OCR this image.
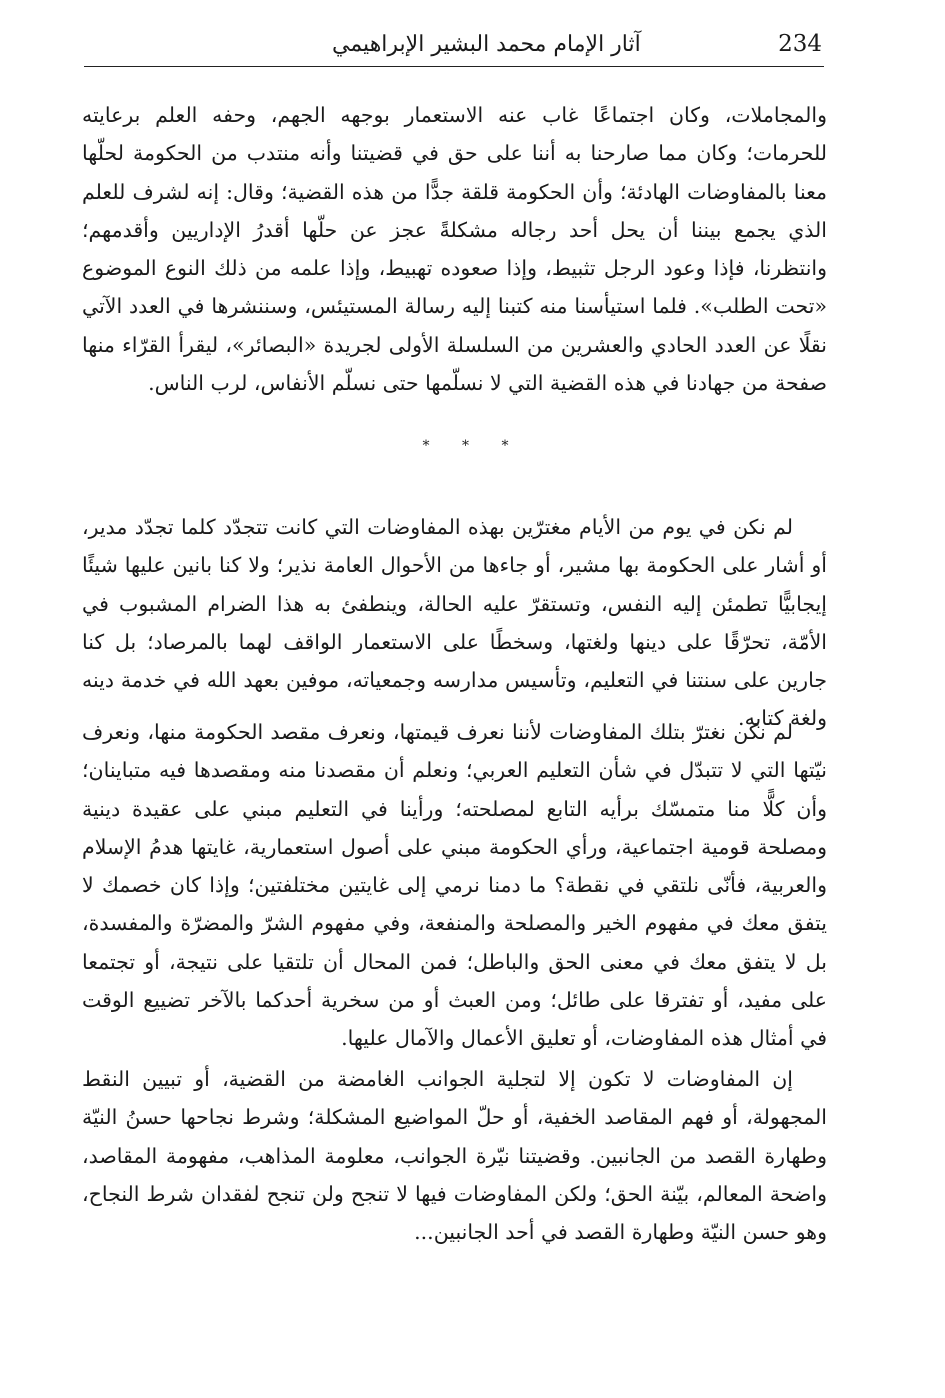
آثار الإمام محمد البشير الإبراهيمي	234

والمجاملات، وكان اجتماعًا غاب عنه الاستعمار بوجهه الجهم، وحفه العلم برعايته للحرمات؛ وكان مما صارحنا به أننا على حق في قضيتنا وأنه منتدب من الحكومة لحلّها معنا بالمفاوضات الهادئة؛ وأن الحكومة قلقة جدًّا من هذه القضية؛ وقال: إنه لشرف للعلم الذي يجمع بيننا أن يحل أحد رجاله مشكلةً عجز عن حلّها أقدرُ الإداريين وأقدمهم؛ وانتظرنا، فإذا وعود الرجل تثبيط، وإذا صعوده تهبيط، وإذا علمه من ذلك النوع الموضوع «تحت الطلب». فلما استيأسنا منه كتبنا إليه رسالة المستيئس، وسننشرها في العدد الآتي نقلًا عن العدد الحادي والعشرين من السلسلة الأولى لجريدة «البصائر»، ليقرأ القرّاء منها صفحة من جهادنا في هذه القضية التي لا نسلّمها حتى نسلّم الأنفاس، لرب الناس.

* * *

لم نكن في يوم من الأيام مغترّين بهذه المفاوضات التي كانت تتجدّد كلما تجدّد مدير، أو أشار على الحكومة بها مشير، أو جاءها من الأحوال العامة نذير؛ ولا كنا بانين عليها شيئًا إيجابيًّا تطمئن إليه النفس، وتستقرّ عليه الحالة، وينطفئ به هذا الضرام المشبوب في الأمّة، تحرّقًا على دينها ولغتها، وسخطًا على الاستعمار الواقف لهما بالمرصاد؛ بل كنا جارين على سنتنا في التعليم، وتأسيس مدارسه وجمعياته، موفين بعهد الله في خدمة دينه ولغة كتابه.

لم نكن نغترّ بتلك المفاوضات لأننا نعرف قيمتها، ونعرف مقصد الحكومة منها، ونعرف نيّتها التي لا تتبدّل في شأن التعليم العربي؛ ونعلم أن مقصدنا منه ومقصدها فيه متباينان؛ وأن كلًّا منا متمسّك برأيه التابع لمصلحته؛ ورأينا في التعليم مبني على عقيدة دينية ومصلحة قومية اجتماعية، ورأي الحكومة مبني على أصول استعمارية، غايتها هدمُ الإسلام والعربية، فأنّى نلتقي في نقطة؟ ما دمنا نرمي إلى غايتين مختلفتين؛ وإذا كان خصمك لا يتفق معك في مفهوم الخير والمصلحة والمنفعة، وفي مفهوم الشرّ والمضرّة والمفسدة، بل لا يتفق معك في معنى الحق والباطل؛ فمن المحال أن تلتقيا على نتيجة، أو تجتمعا على مفيد، أو تفترقا على طائل؛ ومن العبث أو من سخرية أحدكما بالآخر تضييع الوقت في أمثال هذه المفاوضات، أو تعليق الأعمال والآمال عليها.

إن المفاوضات لا تكون إلا لتجلية الجوانب الغامضة من القضية، أو تبيين النقط المجهولة، أو فهم المقاصد الخفية، أو حلّ المواضيع المشكلة؛ وشرط نجاحها حسنُ النيّة وطهارة القصد من الجانبين. وقضيتنا نيّرة الجوانب، معلومة المذاهب، مفهومة المقاصد، واضحة المعالم، بيّنة الحق؛ ولكن المفاوضات فيها لا تنجح ولن تنجح لفقدان شرط النجاح، وهو حسن النيّة وطهارة القصد في أحد الجانبين...
